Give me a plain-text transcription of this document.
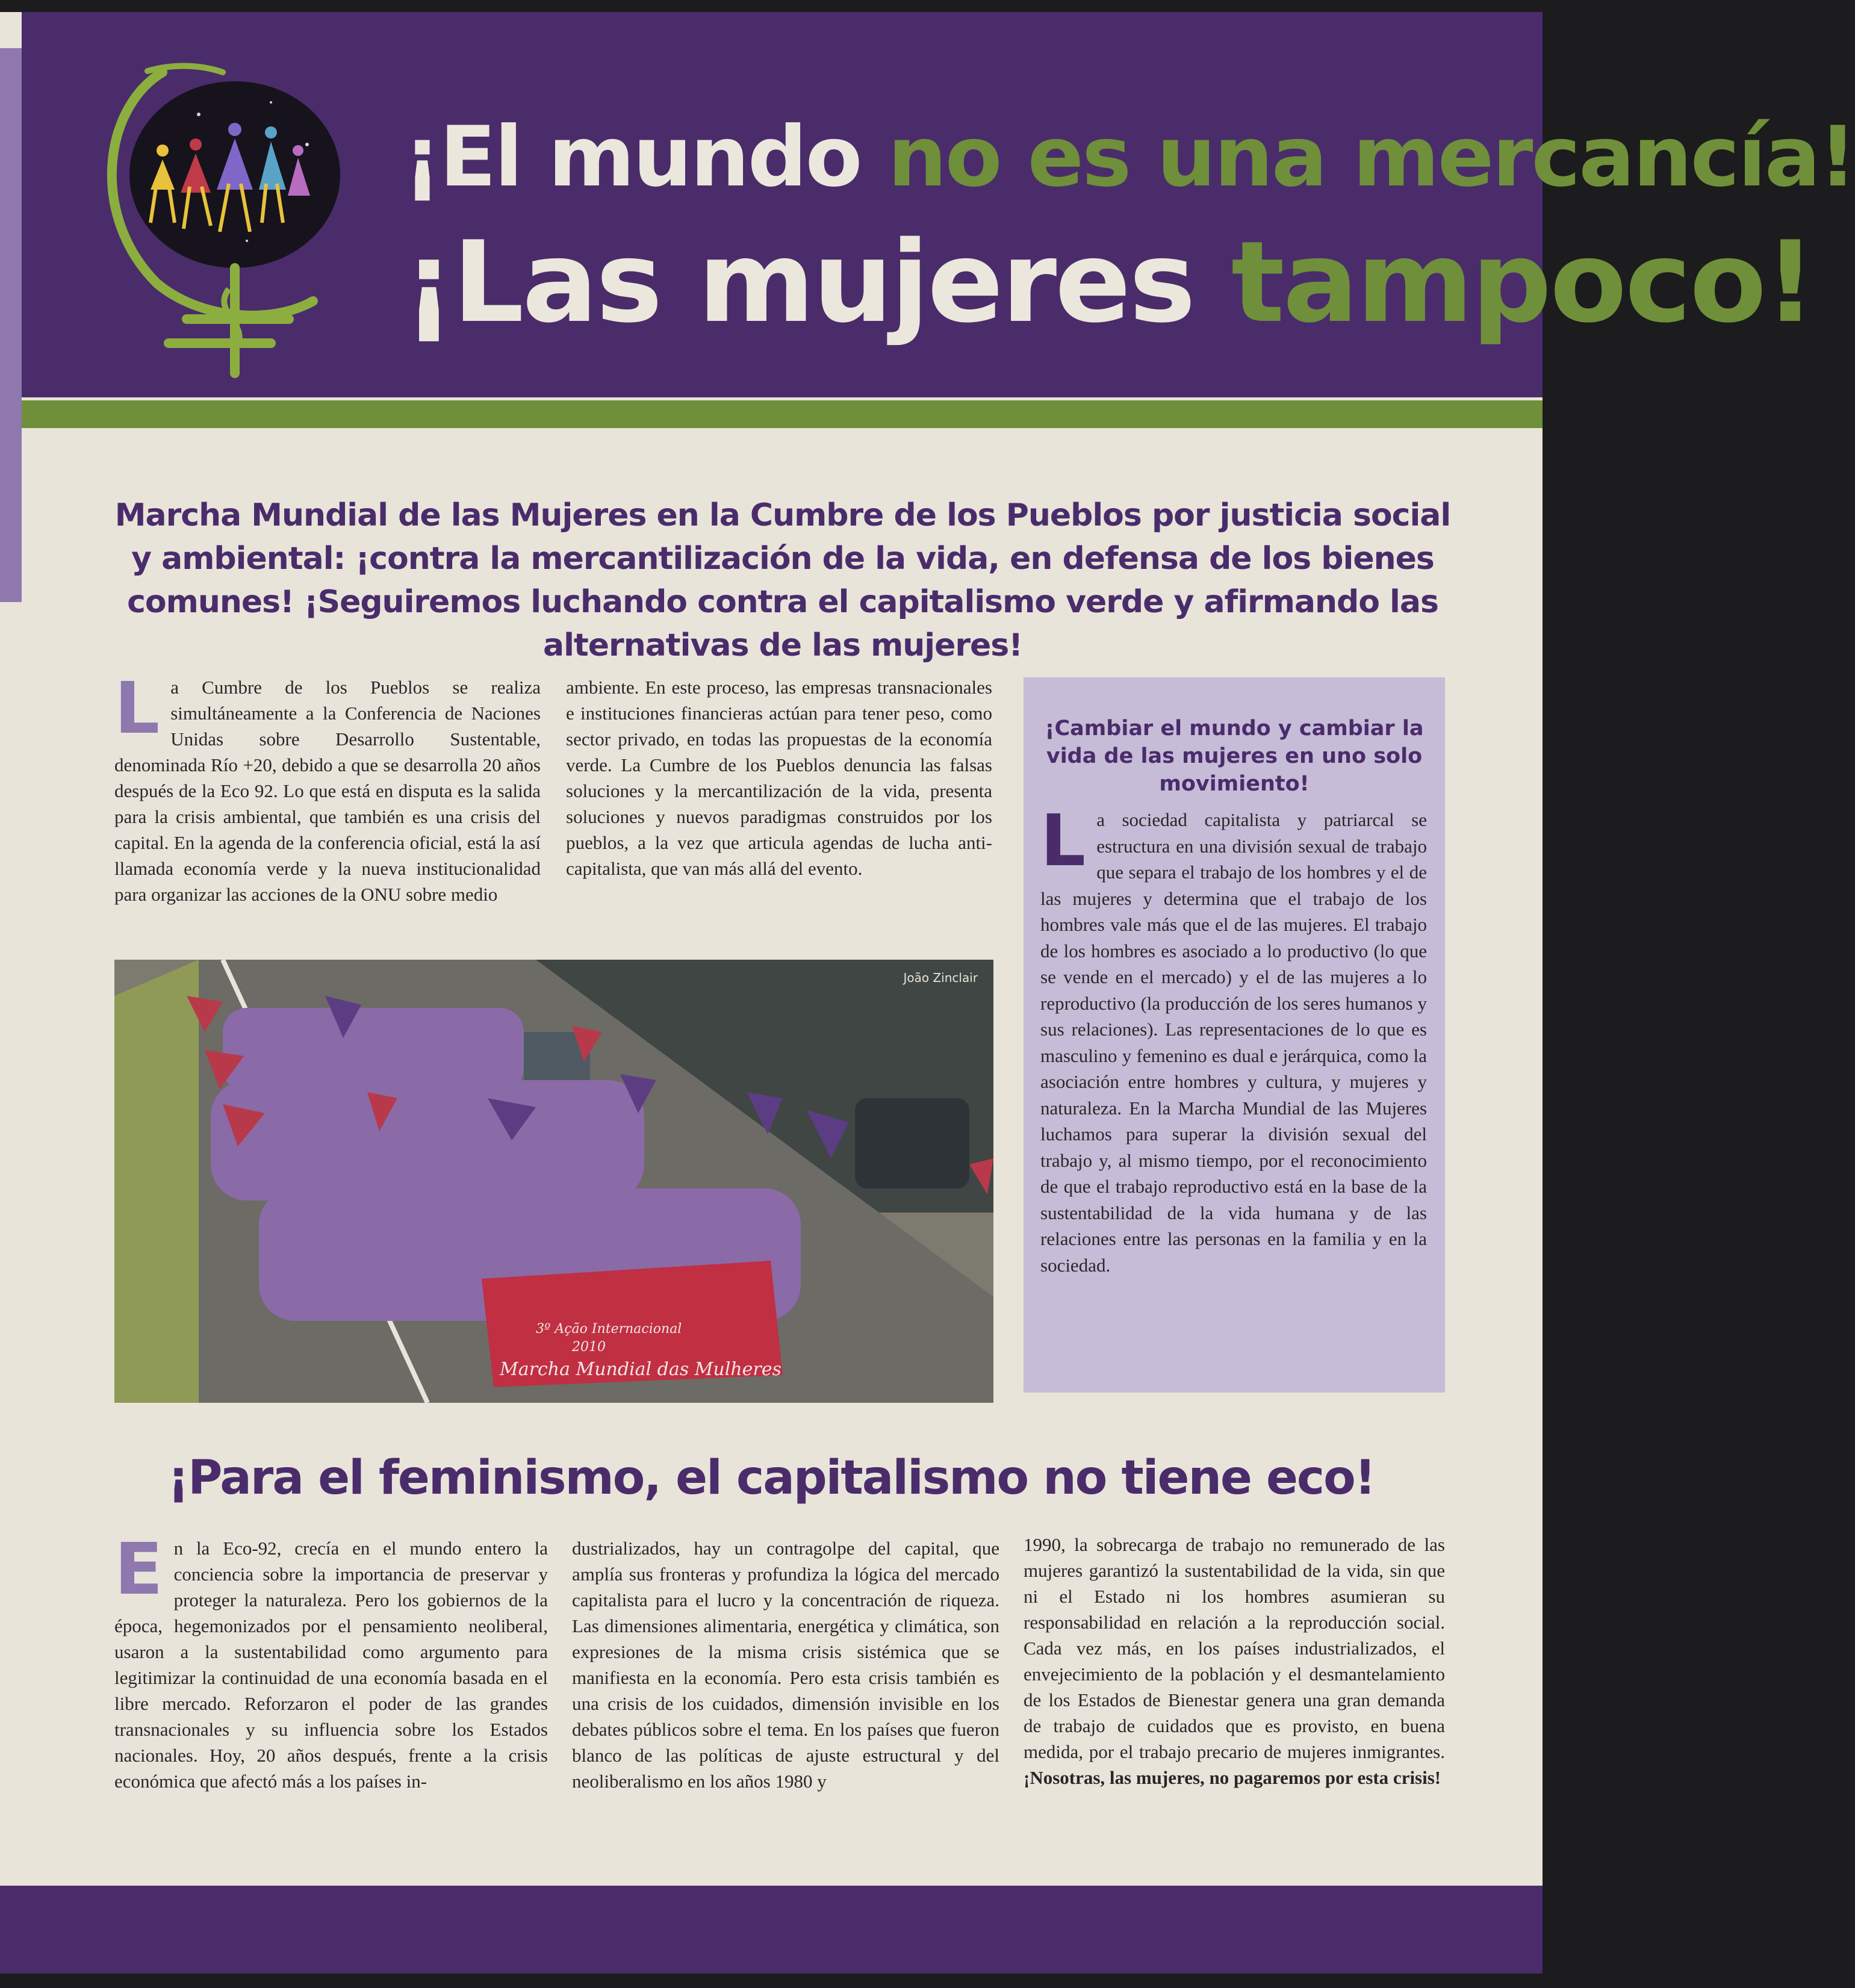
¡El mundo no es una mercancía!
¡Las mujeres tampoco!
Marcha Mundial de las Mujeres en la Cumbre de los Pueblos por justicia social y ambiental: ¡contra la mercantilización de la vida, en defensa de los bienes comunes! ¡Seguiremos luchando contra el capitalismo verde y afirmando las alternativas de las mujeres!
La Cumbre de los Pueblos se realiza simultáneamente a la Conferencia de Naciones Unidas sobre Desarrollo Sustentable, denominada Río +20, debido a que se desarrolla 20 años después de la Eco 92. Lo que está en disputa es la salida para la crisis ambiental, que también es una crisis del capital. En la agenda de la conferencia oficial, está la así llamada economía verde y la nueva institucionalidad para organizar las acciones de la ONU sobre medio
ambiente. En este proceso, las empresas transnacionales e instituciones financieras actúan para tener peso, como sector privado, en todas las propuestas de la economía verde. La Cumbre de los Pueblos denuncia las falsas soluciones y la mercantilización de la vida, presenta soluciones y nuevos paradigmas construidos por los pueblos, a la vez que articula agendas de lucha anti-capitalista, que van más allá del evento.
¡Cambiar el mundo y cambiar la vida de las mujeres en uno solo movimiento!
La sociedad capitalista y patriarcal se estructura en una división sexual de trabajo que separa el trabajo de los hombres y el de las mujeres y determina que el trabajo de los hombres vale más que el de las mujeres. El trabajo de los hombres es asociado a lo productivo (lo que se vende en el mercado) y el de las mujeres a lo reproductivo (la producción de los seres humanos y sus relaciones). Las representaciones de lo que es masculino y femenino es dual e jerárquica, como la asociación entre hombres y cultura, y mujeres y naturaleza. En la Marcha Mundial de las Mujeres luchamos para superar la división sexual del trabajo y, al mismo tiempo, por el reconocimiento de que el trabajo reproductivo está en la base de la sustentabilidad de la vida humana y de las relaciones entre las personas en la familia y en la sociedad.
3º Ação Internacional
2010
Marcha Mundial das Mulheres
João Zinclair
¡Para el feminismo, el capitalismo no tiene eco!
En la Eco-92, crecía en el mundo entero la conciencia sobre la importancia de preservar y proteger la naturaleza. Pero los gobiernos de la época, hegemonizados por el pensamiento neoliberal, usaron a la sustentabilidad como argumento para legitimizar la continuidad de una economía basada en el libre mercado. Reforzaron el poder de las grandes transnacionales y su influencia sobre los Estados nacionales. Hoy, 20 años después, frente a la crisis económica que afectó más a los países in-
dustrializados, hay un contragolpe del capital, que amplía sus fronteras y profundiza la lógica del mercado capitalista para el lucro y la concentración de riqueza. Las dimensiones alimentaria, energética y climática, son expresiones de la misma crisis sistémica que se manifiesta en la economía. Pero esta crisis también es una crisis de los cuidados, dimensión invisible en los debates públicos sobre el tema. En los países que fueron blanco de las políticas de ajuste estructural y del neoliberalismo en los años 1980 y
1990, la sobrecarga de trabajo no remunerado de las mujeres garantizó la sustentabilidad de la vida, sin que ni el Estado ni los hombres asumieran su responsabilidad en relación a la reproducción social. Cada vez más, en los países industrializados, el envejecimiento de la población y el desmantelamiento de los Estados de Bienestar genera una gran demanda de trabajo de cuidados que es provisto, en buena medida, por el trabajo precario de mujeres inmigrantes. ¡Nosotras, las mujeres, no pagaremos por esta crisis!
